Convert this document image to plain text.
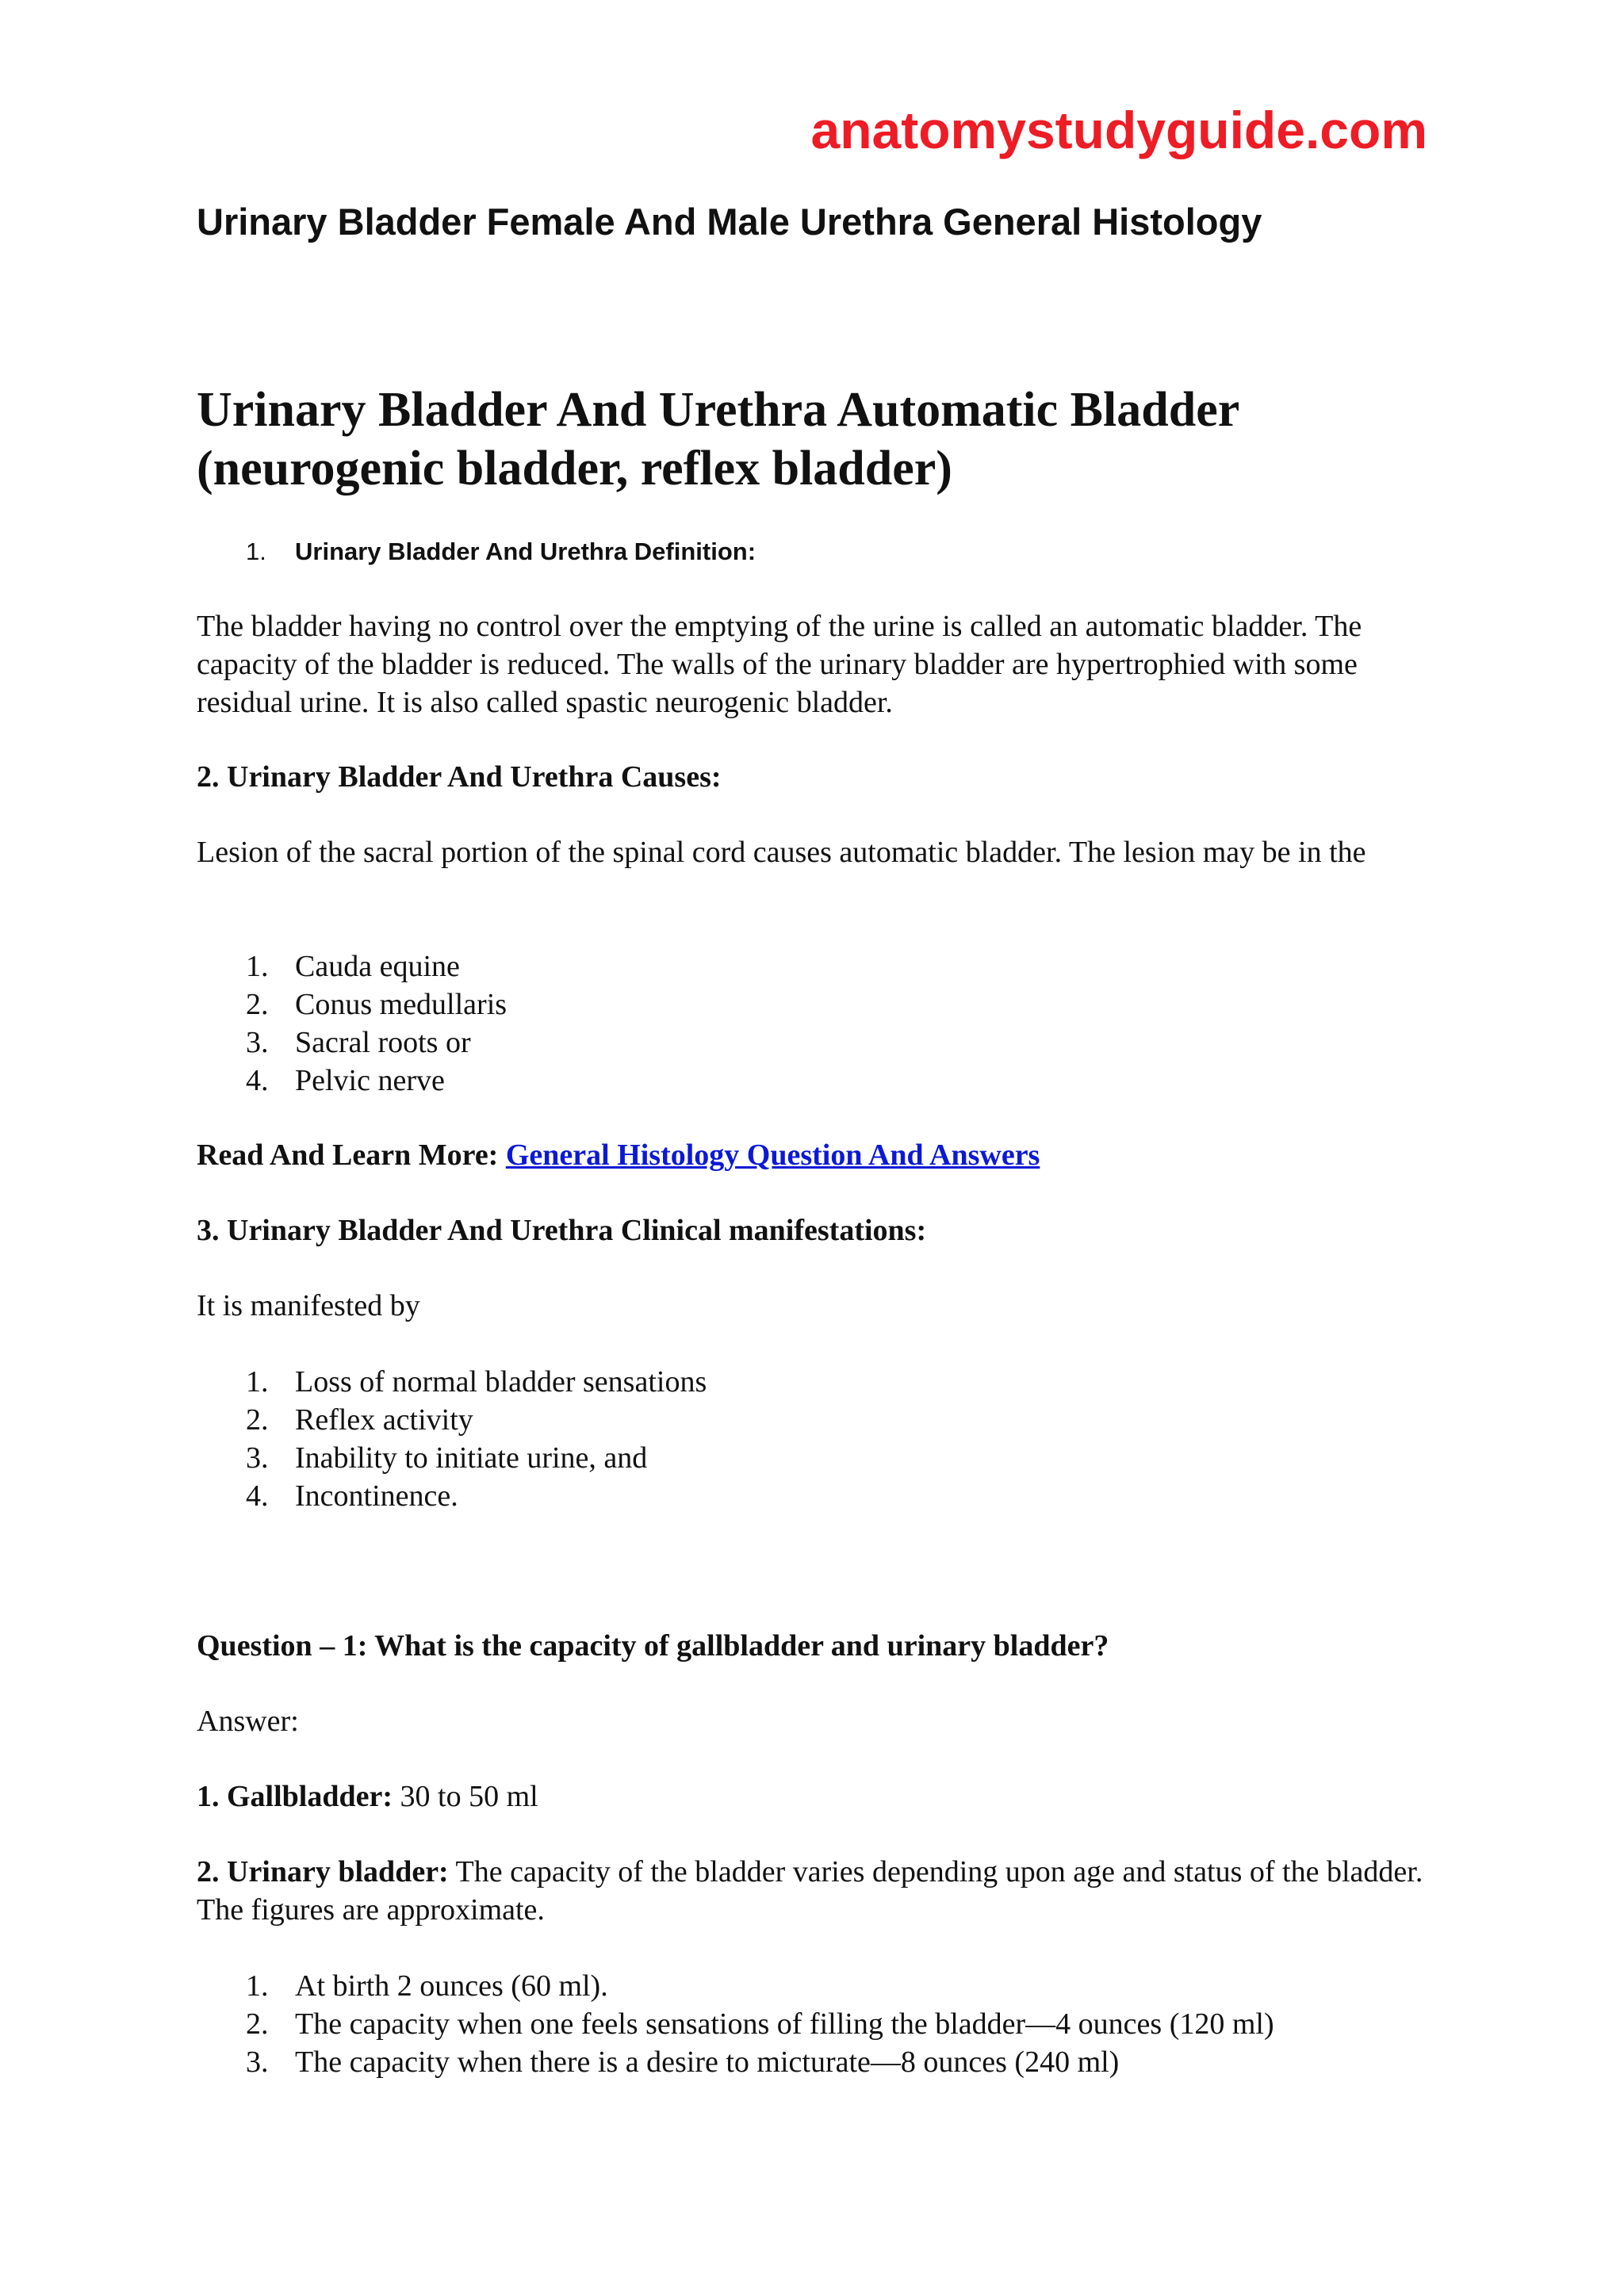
anatomystudyguide.com
Urinary Bladder Female And Male Urethra General Histology
Urinary Bladder And Urethra Automatic Bladder
(neurogenic bladder, reflex bladder)
1. Urinary Bladder And Urethra Definition:
The bladder having no control over the emptying of the urine is called an automatic bladder. The capacity of the bladder is reduced. The walls of the urinary bladder are hypertrophied with some residual urine. It is also called spastic neurogenic bladder.
2. Urinary Bladder And Urethra Causes:
Lesion of the sacral portion of the spinal cord causes automatic bladder. The lesion may be in the
1. Cauda equine
2. Conus medullaris
3. Sacral roots or
4. Pelvic nerve
Read And Learn More: General Histology Question And Answers
3. Urinary Bladder And Urethra Clinical manifestations:
It is manifested by
1. Loss of normal bladder sensations
2. Reflex activity
3. Inability to initiate urine, and
4. Incontinence.
Question – 1: What is the capacity of gallbladder and urinary bladder?
Answer:
1. Gallbladder: 30 to 50 ml
2. Urinary bladder: The capacity of the bladder varies depending upon age and status of the bladder. The figures are approximate.
1. At birth 2 ounces (60 ml).
2. The capacity when one feels sensations of filling the bladder—4 ounces (120 ml)
3. The capacity when there is a desire to micturate—8 ounces (240 ml)
